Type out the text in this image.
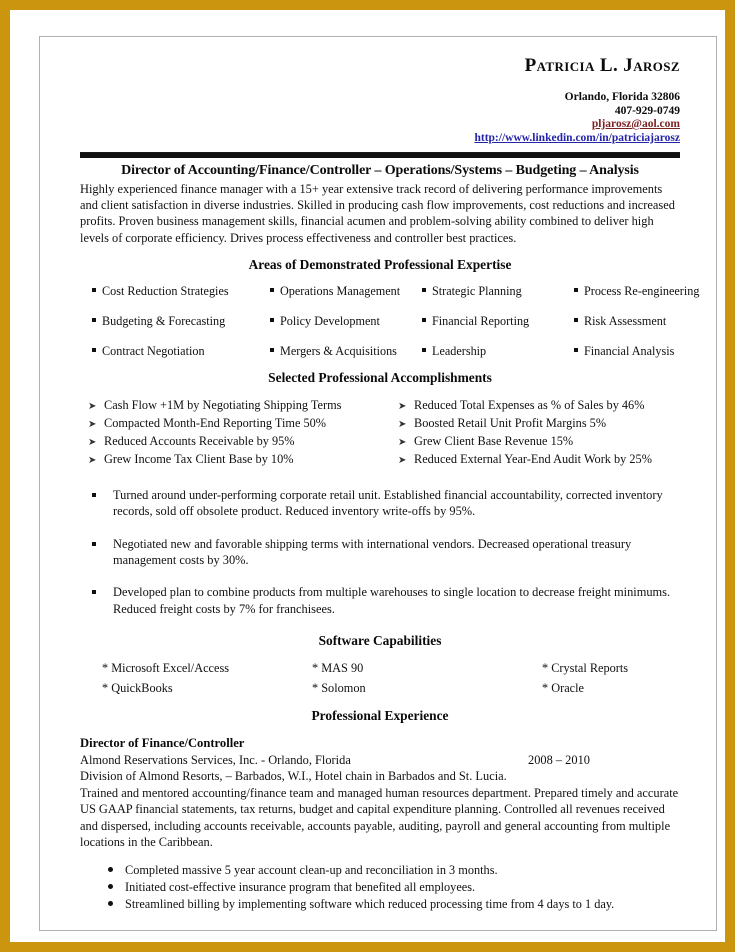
Patricia L. Jarosz
Orlando, Florida 32806
407-929-0749
pljarosz@aol.com
http://www.linkedin.com/in/patriciajarosz
Director of Accounting/Finance/Controller – Operations/Systems – Budgeting – Analysis

Highly experienced finance manager with a 15+ year extensive track record of delivering performance improvements and client satisfaction in diverse industries. Skilled in producing cash flow improvements, cost reductions and increased profits. Proven business management skills, financial acumen and problem-solving ability combined to deliver high levels of corporate efficiency. Drives process effectiveness and controller best practices.

Areas of Demonstrated Professional Expertise
Cost Reduction Strategies	Operations Management	Strategic Planning	Process Re-engineering
Budgeting & Forecasting	Policy Development	Financial Reporting	Risk Assessment
Contract Negotiation	Mergers & Acquisitions	Leadership	Financial Analysis
Selected Professional Accomplishments
➤ Cash Flow +1M by Negotiating Shipping Terms	➤ Reduced Total Expenses as % of Sales by 46%
➤ Compacted Month-End Reporting Time 50%	➤ Boosted Retail Unit Profit Margins 5%
➤ Reduced Accounts Receivable by 95%	➤ Grew Client Base Revenue 15%
➤ Grew Income Tax Client Base by 10%	➤ Reduced External Year-End Audit Work by 25%
Turned around under-performing corporate retail unit. Established financial accountability, corrected inventory records, sold off obsolete product. Reduced inventory write-offs by 95%.
Negotiated new and favorable shipping terms with international vendors. Decreased operational treasury management costs by 30%.
Developed plan to combine products from multiple warehouses to single location to decrease freight minimums. Reduced freight costs by 7% for franchisees.
Software Capabilities
* Microsoft Excel/Access	* MAS 90	* Crystal Reports
* QuickBooks	* Solomon	* Oracle
Professional Experience
Director of Finance/Controller
Almond Reservations Services, Inc. - Orlando, Florida	2008 – 2010
Division of Almond Resorts, – Barbados, W.I., Hotel chain in Barbados and St. Lucia.

Trained and mentored accounting/finance team and managed human resources department. Prepared timely and accurate US GAAP financial statements, tax returns, budget and capital expenditure planning. Controlled all revenues received and dispersed, including accounts receivable, accounts payable, auditing, payroll and general accounting from multiple locations in the Caribbean.

Completed massive 5 year account clean-up and reconciliation in 3 months.
Initiated cost-effective insurance program that benefited all employees.
Streamlined billing by implementing software which reduced processing time from 4 days to 1 day.
